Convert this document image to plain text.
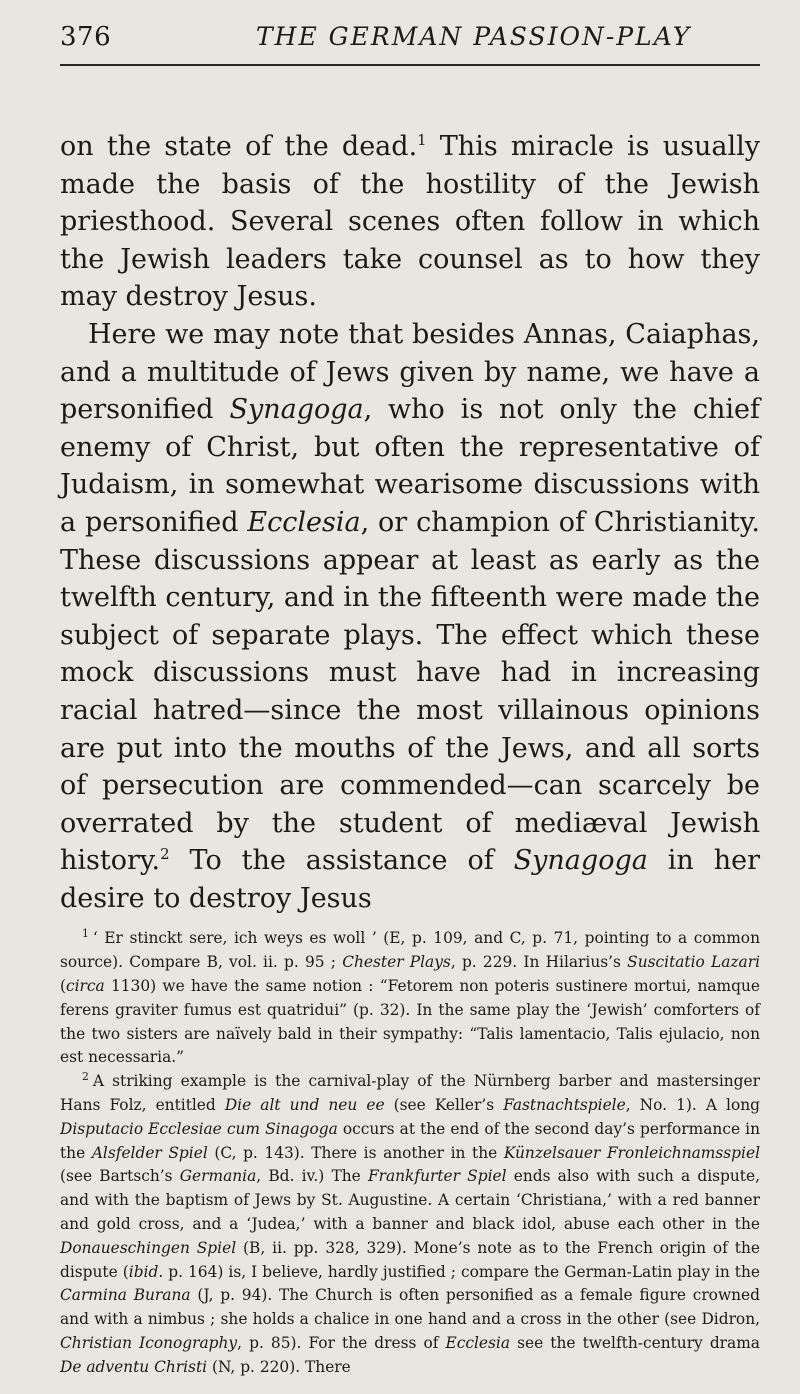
376	THE GERMAN PASSION-PLAY

on the state of the dead.$^1$ This miracle is usually made the basis of the hostility of the Jewish priesthood. Several scenes often follow in which the Jewish leaders take counsel as to how they may destroy Jesus.

Here we may note that besides Annas, Caiaphas, and a multitude of Jews given by name, we have a personified Synagoga, who is not only the chief enemy of Christ, but often the representative of Judaism, in somewhat wearisome discussions with a personified Ecclesia, or champion of Christianity. These discussions appear at least as early as the twelfth century, and in the fifteenth were made the subject of separate plays. The effect which these mock discussions must have had in increasing racial hatred—since the most villainous opinions are put into the mouths of the Jews, and all sorts of persecution are commended—can scarcely be overrated by the student of mediæval Jewish history.$^2$ To the assistance of Synagoga in her desire to destroy Jesus

$^1$ ‘ Er stinckt sere, ich weys es woll ’ (E, p. 109, and C, p. 71, pointing to a common source). Compare B, vol. ii. p. 95 ; Chester Plays, p. 229. In Hilarius’s Suscitatio Lazari (circa 1130) we have the same notion : “Fetorem non poteris sustinere mortui, namque ferens graviter fumus est quatridui” (p. 32). In the same play the ‘Jewish’ comforters of the two sisters are naïvely bald in their sympathy: “Talis lamentacio, Talis ejulacio, non est necessaria.”

$^2$ A striking example is the carnival-play of the Nürnberg barber and mastersinger Hans Folz, entitled Die alt und neu ee (see Keller’s Fastnachtspiele, No. 1). A long Disputacio Ecclesiae cum Sinagoga occurs at the end of the second day’s performance in the Alsfelder Spiel (C, p. 143). There is another in the Künzelsauer Fronleichnamsspiel (see Bartsch’s Germania, Bd. iv.) The Frankfurter Spiel ends also with such a dispute, and with the baptism of Jews by St. Augustine. A certain ‘Christiana,’ with a red banner and gold cross, and a ‘Judea,’ with a banner and black idol, abuse each other in the Donaueschingen Spiel (B, ii. pp. 328, 329). Mone’s note as to the French origin of the dispute (ibid. p. 164) is, I believe, hardly justified ; compare the German-Latin play in the Carmina Burana (J, p. 94). The Church is often personified as a female figure crowned and with a nimbus ; she holds a chalice in one hand and a cross in the other (see Didron, Christian Iconography, p. 85). For the dress of Ecclesia see the twelfth-century drama De adventu Christi (N, p. 220). There
